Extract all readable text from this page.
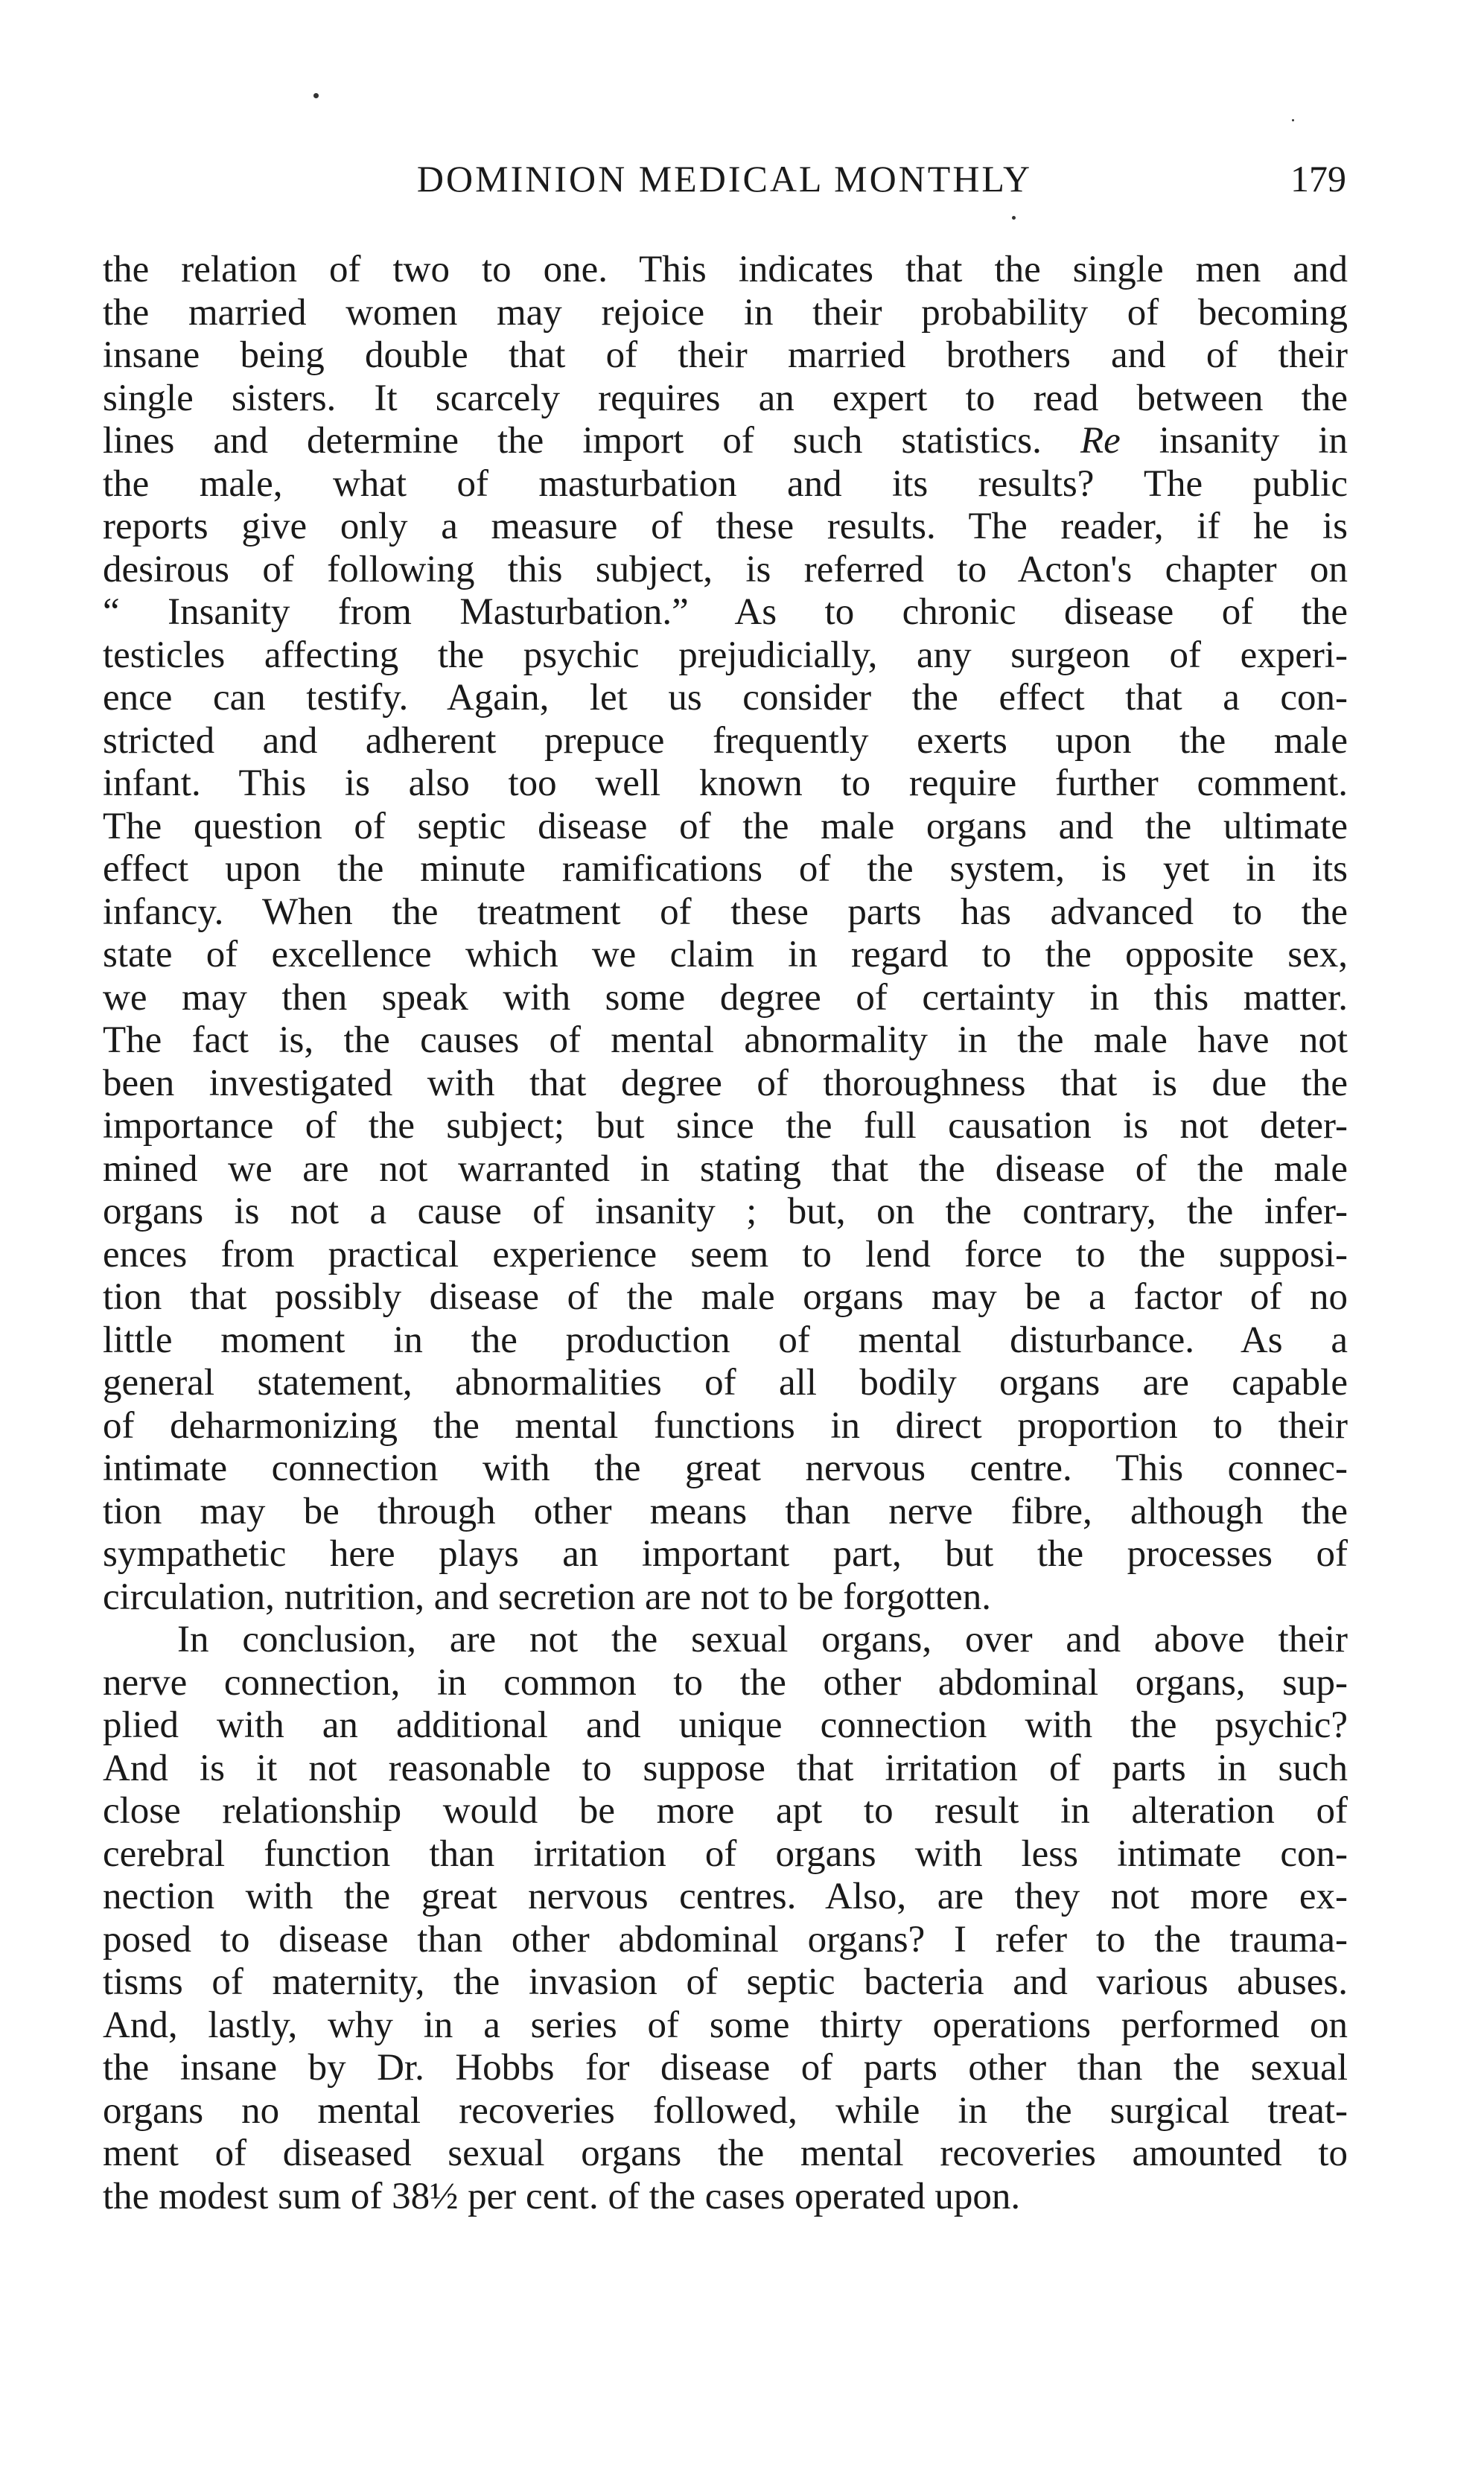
DOMINION MEDICAL MONTHLY	179
the relation of two to one. This indicates that the single men and
the married women may rejoice in their probability of becoming
insane being double that of their married brothers and of their
single sisters. It scarcely requires an expert to read between the
lines and determine the import of such statistics. Re insanity in
the male, what of masturbation and its results? The public
reports give only a measure of these results. The reader, if he is
desirous of following this subject, is referred to Acton's chapter on
“ Insanity from Masturbation.” As to chronic disease of the
testicles affecting the psychic prejudicially, any surgeon of experi-
ence can testify. Again, let us consider the effect that a con-
stricted and adherent prepuce frequently exerts upon the male
infant. This is also too well known to require further comment.
The question of septic disease of the male organs and the ultimate
effect upon the minute ramifications of the system, is yet in its
infancy. When the treatment of these parts has advanced to the
state of excellence which we claim in regard to the opposite sex,
we may then speak with some degree of certainty in this matter.
The fact is, the causes of mental abnormality in the male have not
been investigated with that degree of thoroughness that is due the
importance of the subject; but since the full causation is not deter-
mined we are not warranted in stating that the disease of the male
organs is not a cause of insanity ; but, on the contrary, the infer-
ences from practical experience seem to lend force to the supposi-
tion that possibly disease of the male organs may be a factor of no
little moment in the production of mental disturbance. As a
general statement, abnormalities of all bodily organs are capable
of deharmonizing the mental functions in direct proportion to their
intimate connection with the great nervous centre. This connec-
tion may be through other means than nerve fibre, although the
sympathetic here plays an important part, but the processes of
circulation, nutrition, and secretion are not to be forgotten.
In conclusion, are not the sexual organs, over and above their
nerve connection, in common to the other abdominal organs, sup-
plied with an additional and unique connection with the psychic?
And is it not reasonable to suppose that irritation of parts in such
close relationship would be more apt to result in alteration of
cerebral function than irritation of organs with less intimate con-
nection with the great nervous centres. Also, are they not more ex-
posed to disease than other abdominal organs? I refer to the trauma-
tisms of maternity, the invasion of septic bacteria and various abuses.
And, lastly, why in a series of some thirty operations performed on
the insane by Dr. Hobbs for disease of parts other than the sexual
organs no mental recoveries followed, while in the surgical treat-
ment of diseased sexual organs the mental recoveries amounted to
the modest sum of 38½ per cent. of the cases operated upon.
